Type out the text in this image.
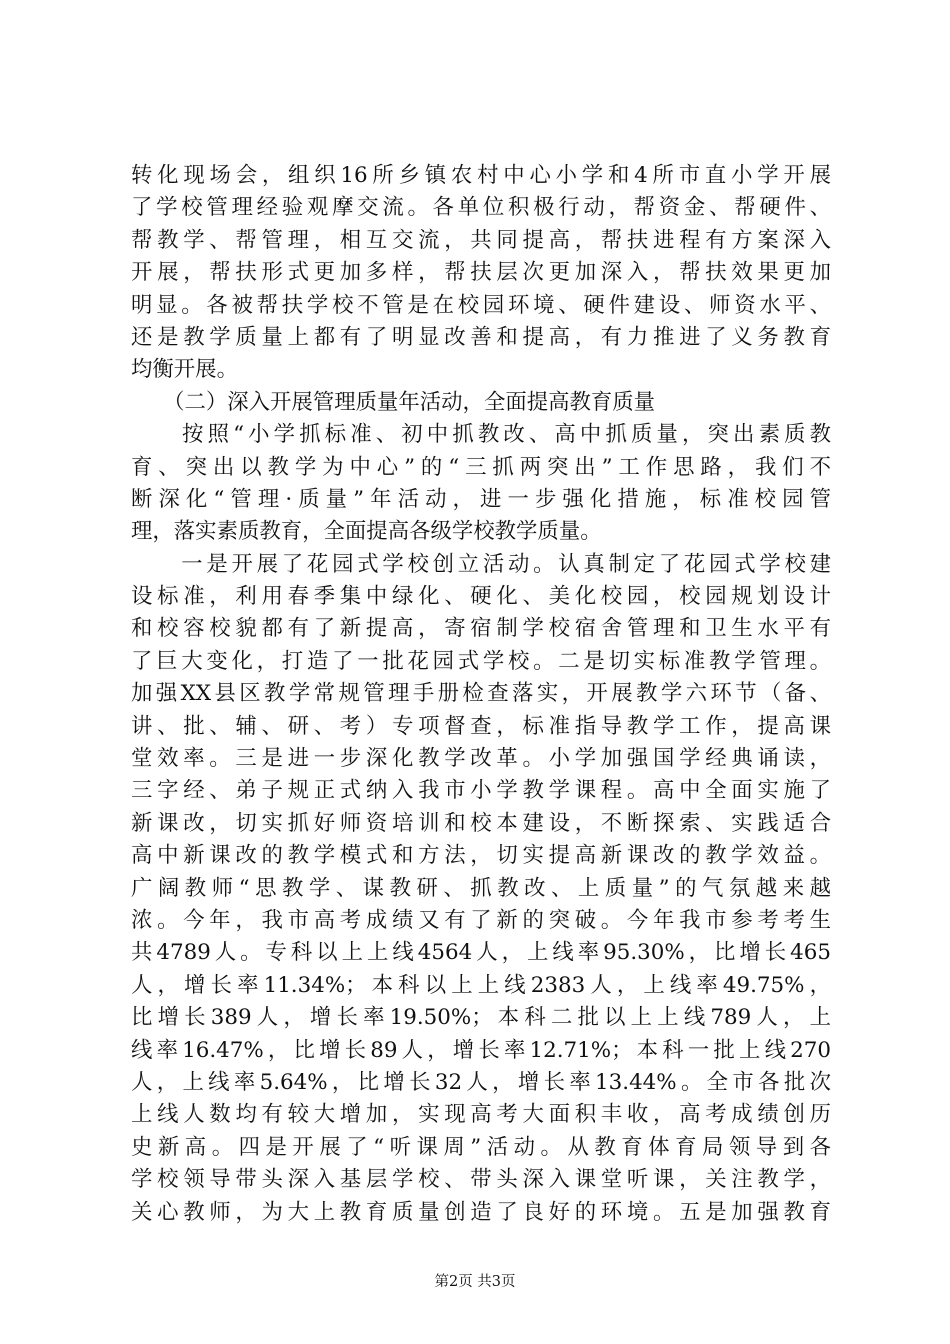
转化现场会，组织16所乡镇农村中心小学和4所市直小学开展
了学校管理经验观摩交流。各单位积极行动，帮资金、帮硬件、
帮教学、帮管理，相互交流，共同提高，帮扶进程有方案深入
开展，帮扶形式更加多样，帮扶层次更加深入，帮扶效果更加
明显。各被帮扶学校不管是在校园环境、硬件建设、师资水平、
还是教学质量上都有了明显改善和提高，有力推进了义务教育
均衡开展。
　　（二）深入开展管理质量年活动，全面提高教育质量
　　按照“小学抓标准、初中抓教改、高中抓质量，突出素质教
育、突出以教学为中心”的“三抓两突出”工作思路，我们不
断深化“管理·质量”年活动，进一步强化措施，标准校园管
理，落实素质教育，全面提高各级学校教学质量。
　　一是开展了花园式学校创立活动。认真制定了花园式学校建
设标准，利用春季集中绿化、硬化、美化校园，校园规划设计
和校容校貌都有了新提高，寄宿制学校宿舍管理和卫生水平有
了巨大变化，打造了一批花园式学校。二是切实标准教学管理。
加强XX县区教学常规管理手册检查落实，开展教学六环节（备、
讲、批、辅、研、考）专项督查，标准指导教学工作，提高课
堂效率。三是进一步深化教学改革。小学加强国学经典诵读，
三字经、弟子规正式纳入我市小学教学课程。高中全面实施了
新课改，切实抓好师资培训和校本建设，不断探索、实践适合
高中新课改的教学模式和方法，切实提高新课改的教学效益。
广阔教师“思教学、谋教研、抓教改、上质量”的气氛越来越
浓。今年，我市高考成绩又有了新的突破。今年我市参考考生
共4789人。专科以上上线4564人，上线率95.30%，比增长465
人，增长率11.34%；本科以上上线2383人，上线率49.75%，
比增长389人，增长率19.50%；本科二批以上上线789人，上
线率16.47%，比增长89人，增长率12.71%；本科一批上线270
人，上线率5.64%，比增长32人，增长率13.44%。全市各批次
上线人数均有较大增加，实现高考大面积丰收，高考成绩创历
史新高。四是开展了“听课周”活动。从教育体育局领导到各
学校领导带头深入基层学校、带头深入课堂听课，关注教学，
关心教师，为大上教育质量创造了良好的环境。五是加强教育
第2页 共3页
